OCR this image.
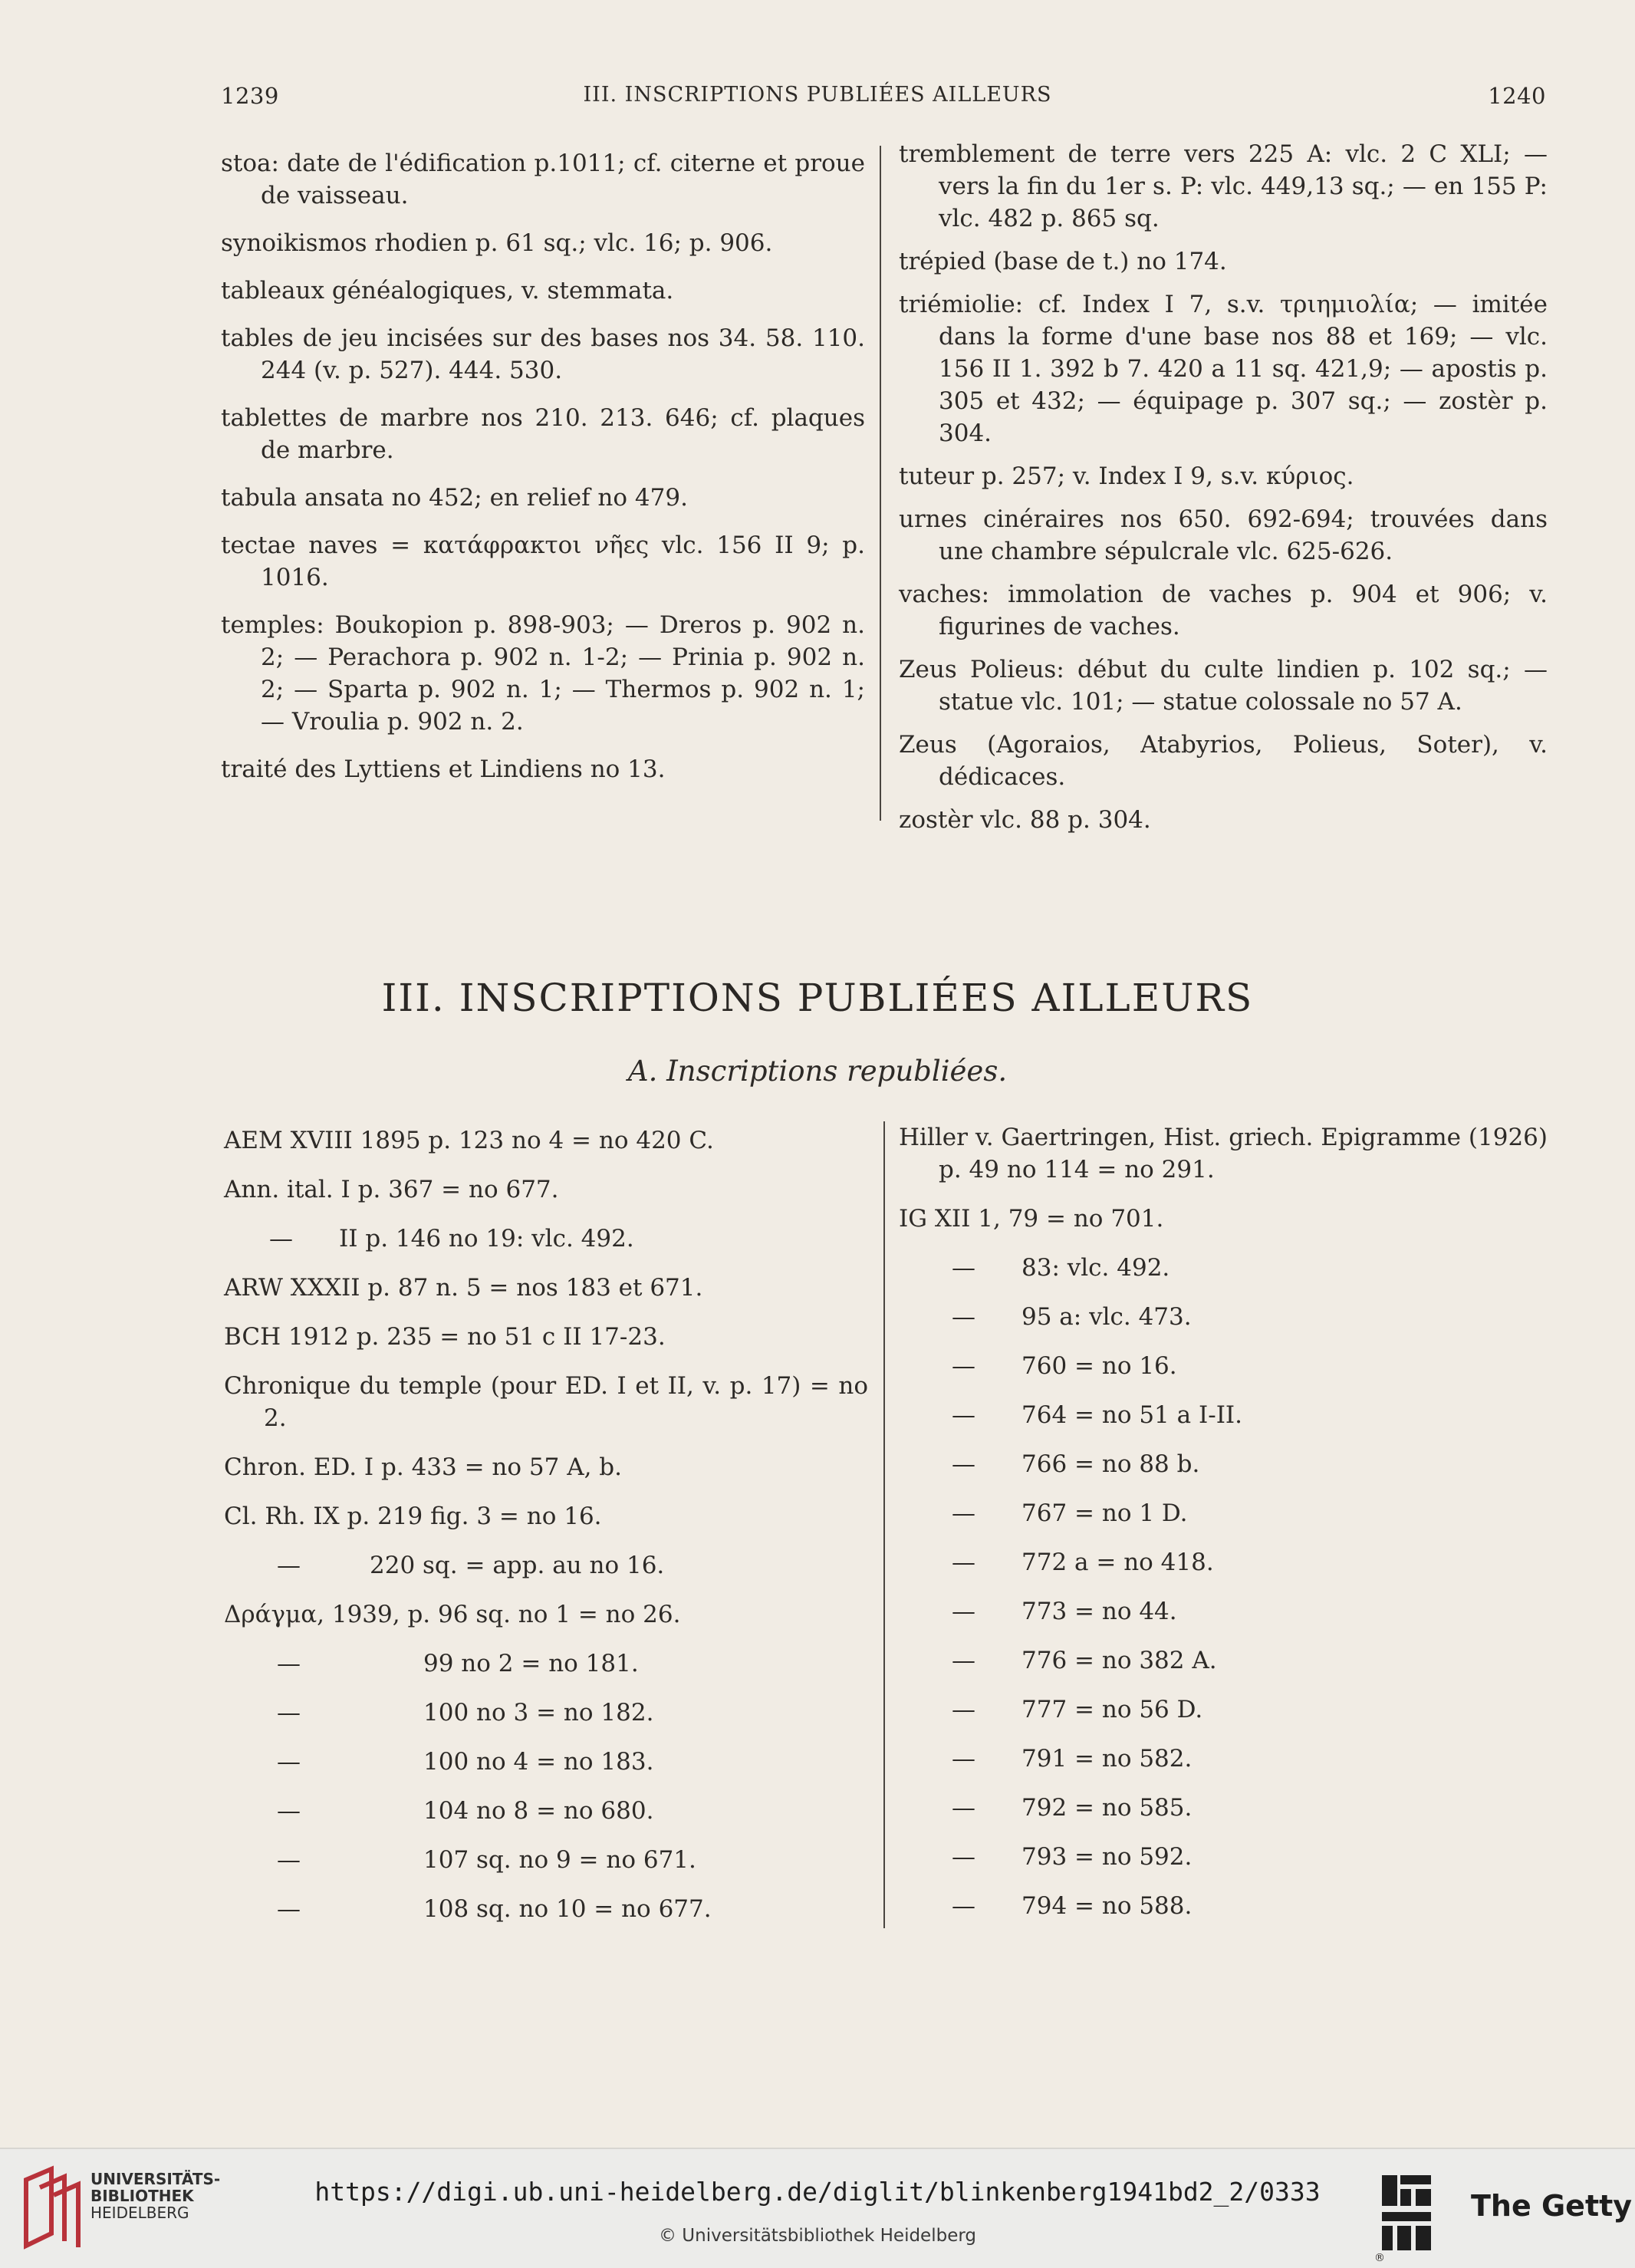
1239	III. INSCRIPTIONS PUBLIÉES AILLEURS	1240
stoa: date de l'édification p.1011; cf. citerne et proue de vaisseau.
synoikismos rhodien p. 61 sq.; vlc. 16; p. 906.
tableaux généalogiques, v. stemmata.
tables de jeu incisées sur des bases nos 34. 58. 110. 244 (v. p. 527). 444. 530.
tablettes de marbre nos 210. 213. 646; cf. plaques de marbre.
tabula ansata no 452; en relief no 479.
tectae naves = κατάφρακτοι νῆες vlc. 156 II 9; p. 1016.
temples: Boukopion p. 898-903; — Dreros p. 902 n. 2; — Perachora p. 902 n. 1-2; — Prinia p. 902 n. 2; — Sparta p. 902 n. 1; — Thermos p. 902 n. 1; — Vroulia p. 902 n. 2.
traité des Lyttiens et Lindiens no 13.
tremblement de terre vers 225 A: vlc. 2 C XLI; — vers la fin du 1er s. P: vlc. 449,13 sq.; — en 155 P: vlc. 482 p. 865 sq.
trépied (base de t.) no 174.
triémiolie: cf. Index I 7, s.v. τριημιολία; — imitée dans la forme d'une base nos 88 et 169; — vlc. 156 II 1. 392 b 7. 420 a 11 sq. 421,9; — apostis p. 305 et 432; — équipage p. 307 sq.; — zostèr p. 304.
tuteur p. 257; v. Index I 9, s.v. κύριος.
urnes cinéraires nos 650. 692-694; trouvées dans une chambre sépulcrale vlc. 625-626.
vaches: immolation de vaches p. 904 et 906; v. figurines de vaches.
Zeus Polieus: début du culte lindien p. 102 sq.; — statue vlc. 101; — statue colossale no 57 A.
Zeus (Agoraios, Atabyrios, Polieus, Soter), v. dédicaces.
zostèr vlc. 88 p. 304.
III. INSCRIPTIONS PUBLIÉES AILLEURS
A. Inscriptions republiées.
AEM XVIII 1895 p. 123 no 4 = no 420 C.
Ann. ital. I p. 367 = no 677.
— II p. 146 no 19: vlc. 492.
ARW XXXII p. 87 n. 5 = nos 183 et 671.
BCH 1912 p. 235 = no 51 c II 17-23.
Chronique du temple (pour ED. I et II, v. p. 17) = no 2.
Chron. ED. I p. 433 = no 57 A, b.
Cl. Rh. IX p. 219 fig. 3 = no 16.
—	220 sq. = app. au no 16.
Δράγμα, 1939, p. 96 sq. no 1 = no 26.
—	99 no 2 = no 181.
—	100 no 3 = no 182.
—	100 no 4 = no 183.
—	104 no 8 = no 680.
—	107 sq. no 9 = no 671.
—	108 sq. no 10 = no 677.
Hiller v. Gaertringen, Hist. griech. Epigramme (1926) p. 49 no 114 = no 291.
IG XII 1, 79 = no 701.
— 83: vlc. 492.
— 95 a: vlc. 473.
— 760 = no 16.
— 764 = no 51 a I-II.
— 766 = no 88 b.
— 767 = no 1 D.
— 772 a = no 418.
— 773 = no 44.
— 776 = no 382 A.
— 777 = no 56 D.
— 791 = no 582.
— 792 = no 585.
— 793 = no 592.
— 794 = no 588.
UNIVERSITÄTS-
BIBLIOTHEK
HEIDELBERG
https://digi.ub.uni-heidelberg.de/diglit/blinkenberg1941bd2_2/0333
© Universitätsbibliothek Heidelberg
®
The Getty
